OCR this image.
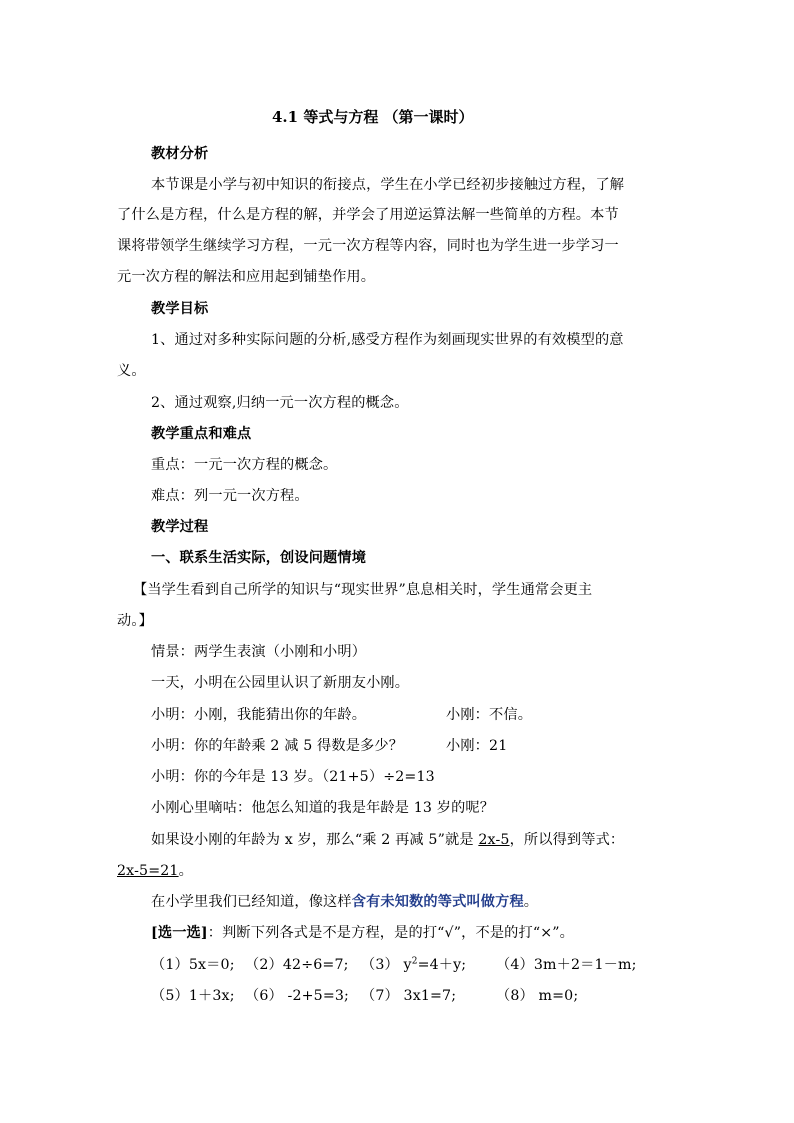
4.1 等式与方程 （第一课时）
教材分析
本节课是小学与初中知识的衔接点，学生在小学已经初步接触过方程，了解
了什么是方程，什么是方程的解，并学会了用逆运算法解一些简单的方程。本节
课将带领学生继续学习方程，一元一次方程等内容，同时也为学生进一步学习一
元一次方程的解法和应用起到铺垫作用。
教学目标
1、通过对多种实际问题的分析,感受方程作为刻画现实世界的有效模型的意
义。
2、通过观察,归纳一元一次方程的概念。
教学重点和难点
重点：一元一次方程的概念。
难点：列一元一次方程。
教学过程
一、联系生活实际，创设问题情境
【当学生看到自己所学的知识与“现实世界”息息相关时，学生通常会更主
动。】
情景：两学生表演（小刚和小明）
一天，小明在公园里认识了新朋友小刚。
小明：小刚，我能猜出你的年龄。	小刚：不信。
小明：你的年龄乘 2 减 5 得数是多少？	小刚：21
小明：你的今年是 13 岁。（21+5）÷2=13
小刚心里嘀咕：他怎么知道的我是年龄是 13 岁的呢？
如果设小刚的年龄为 x 岁，那么“乘 2 再减 5”就是 2x-5，所以得到等式：
2x-5=21。
在小学里我们已经知道，像这样含有未知数的等式叫做方程。
[选一选]：判断下列各式是不是方程，是的打“√”，不是的打“×”。
（1）5x＝0; （2）42÷6=7; （3） $y^2=4+y$; （4）3m＋2＝1－m;
（5）1＋3x; （6） -2+5=3; （7） 3x1=7;	（8） m=0;
